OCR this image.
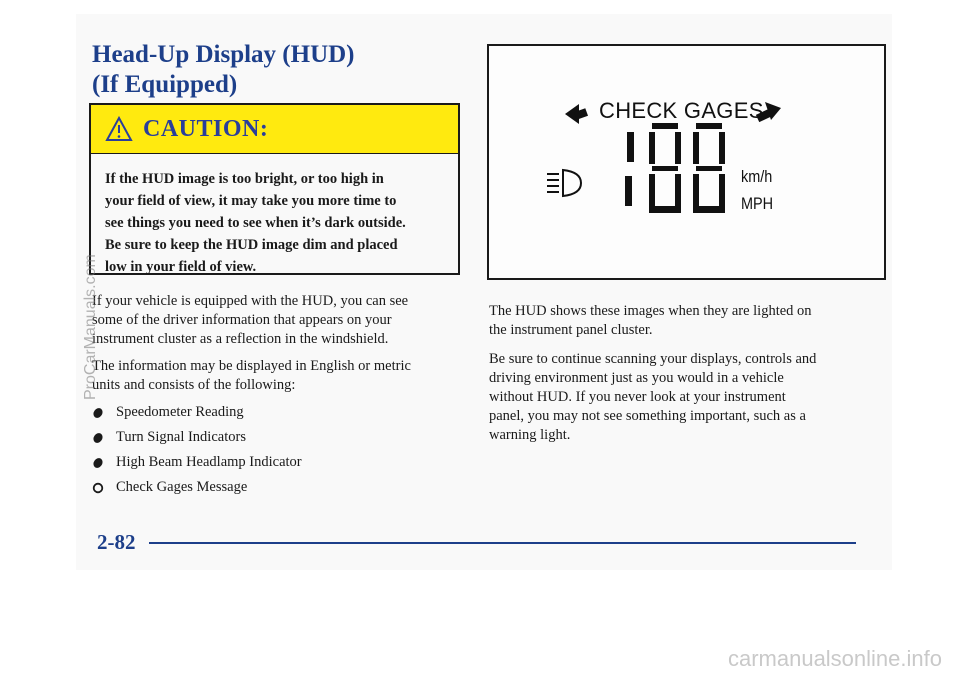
Head-Up Display (HUD)
(If Equipped)
CAUTION:
If the HUD image is too bright, or too high in
your field of view, it may take you more time to
see things you need to see when it’s dark outside.
Be sure to keep the HUD image dim and placed
low in your field of view.

If your vehicle is equipped with the HUD, you can see
some of the driver information that appears on your
instrument cluster as a reflection in the windshield.

The information may be displayed in English or metric
units and consists of the following:

Speedometer Reading
Turn Signal Indicators
High Beam Headlamp Indicator
Check Gages Message
CHECK GAGES
km/h
MPH

The HUD shows these images when they are lighted on
the instrument panel cluster.

Be sure to continue scanning your displays, controls and
driving environment just as you would in a vehicle
without HUD. If you never look at your instrument
panel, you may not see something important, such as a
warning light.

2-82
ProCarManuals.com
carmanualsonline.info
